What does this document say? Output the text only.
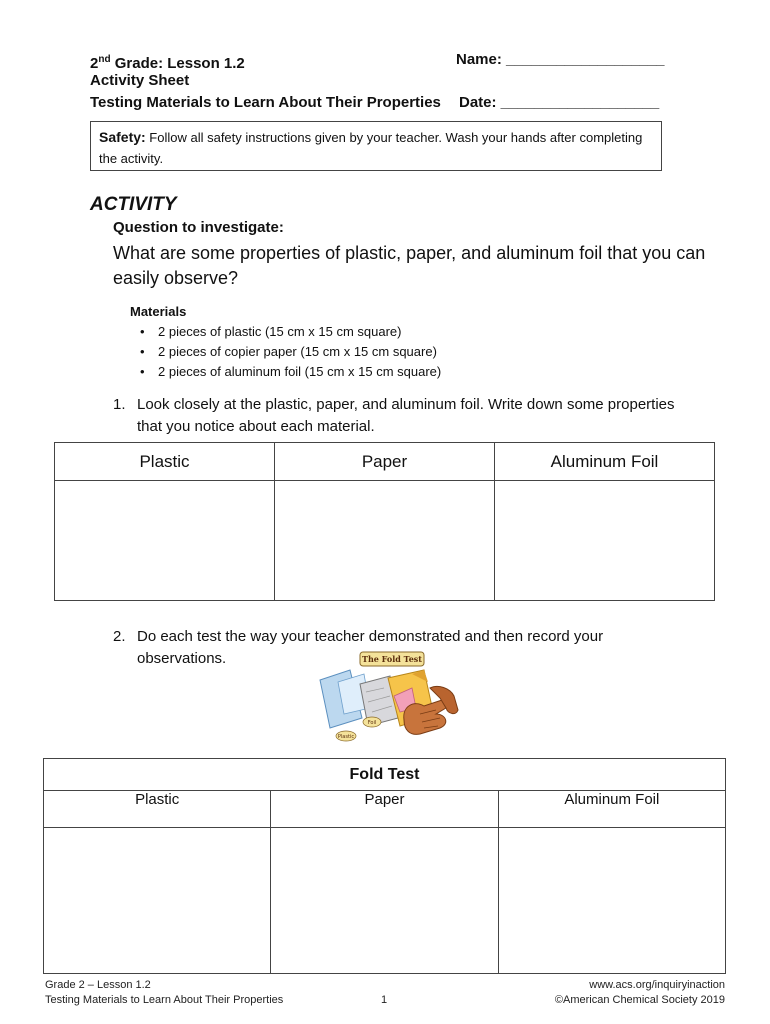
2nd Grade: Lesson 1.2	Name: ___________________
Activity Sheet
Testing Materials to Learn About Their Properties Date: ___________________
Safety: Follow all safety instructions given by your teacher. Wash your hands after completing the activity.
ACTIVITY
Question to investigate:
What are some properties of plastic, paper, and aluminum foil that you can easily observe?
Materials
• 2 pieces of plastic (15 cm x 15 cm square)
• 2 pieces of copier paper (15 cm x 15 cm square)
• 2 pieces of aluminum foil (15 cm x 15 cm square)
1. Look closely at the plastic, paper, and aluminum foil. Write down some properties that you notice about each material.
Plastic	Paper	Aluminum Foil

2. Do each test the way your teacher demonstrated and then record your observations.	The Fold Test
Foil
Plastic
Fold Test		
Plastic	Paper	Aluminum Foil

Grade 2 – Lesson 1.2
Testing Materials to Learn About Their Properties	1
www.acs.org/inquiryinaction
©American Chemical Society 2019
